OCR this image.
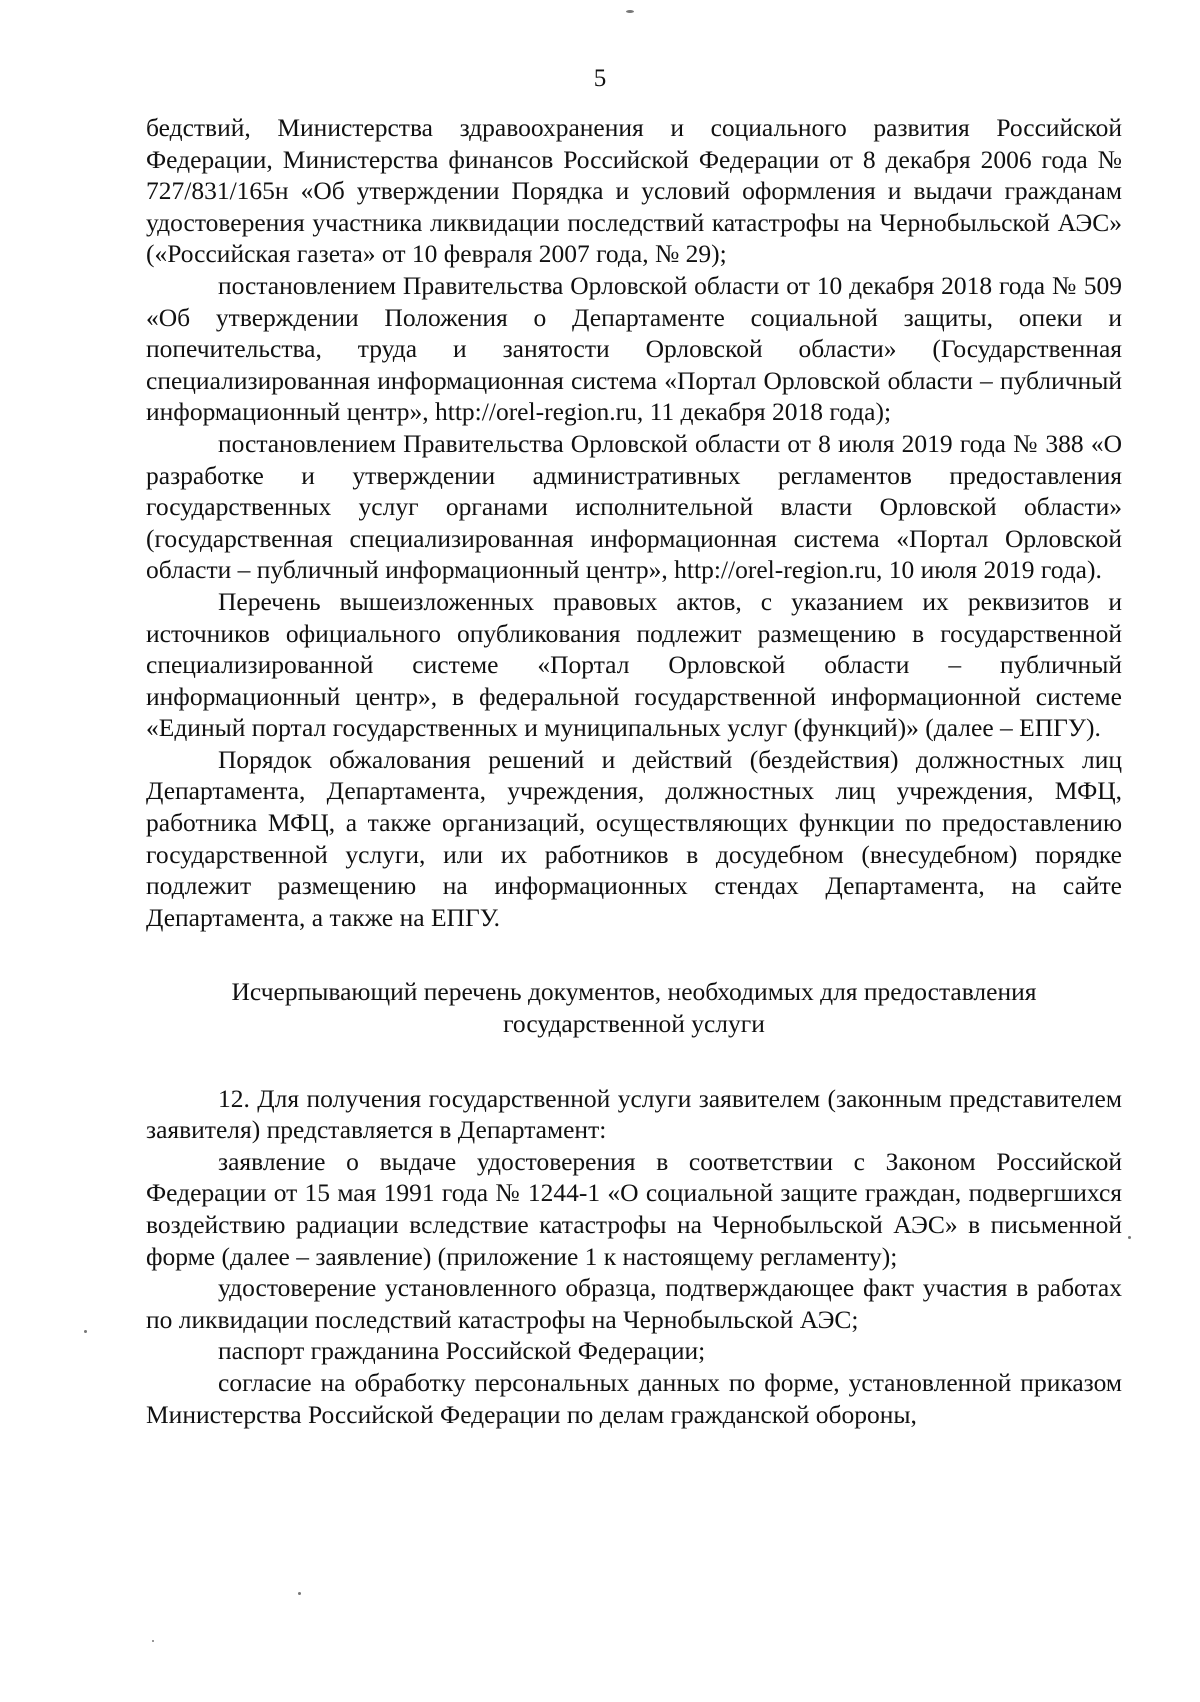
5

бедствий, Министерства здравоохранения и социального развития Российской Федерации, Министерства финансов Российской Федерации от 8 декабря 2006 года № 727/831/165н «Об утверждении Порядка и условий оформления и выдачи гражданам удостоверения участника ликвидации последствий катастрофы на Чернобыльской АЭС» («Российская газета» от 10 февраля 2007 года, № 29);

постановлением Правительства Орловской области от 10 декабря 2018 года № 509 «Об утверждении Положения о Департаменте социальной защиты, опеки и попечительства, труда и занятости Орловской области» (Государственная специализированная информационная система «Портал Орловской области – публичный информационный центр», http://orel-region.ru, 11 декабря 2018 года);

постановлением Правительства Орловской области от 8 июля 2019 года № 388 «О разработке и утверждении административных регламентов предоставления государственных услуг органами исполнительной власти Орловской области» (государственная специализированная информационная система «Портал Орловской области – публичный информационный центр», http://orel-region.ru, 10 июля 2019 года).

Перечень вышеизложенных правовых актов, с указанием их реквизитов и источников официального опубликования подлежит размещению в государственной специализированной системе «Портал Орловской области – публичный информационный центр», в федеральной государственной информационной системе «Единый портал государственных и муниципальных услуг (функций)» (далее – ЕПГУ).

Порядок обжалования решений и действий (бездействия) должностных лиц Департамента, Департамента, учреждения, должностных лиц учреждения, МФЦ, работника МФЦ, а также организаций, осуществляющих функции по предоставлению государственной услуги, или их работников в досудебном (внесудебном) порядке подлежит размещению на информационных стендах Департамента, на сайте Департамента, а также на ЕПГУ.

Исчерпывающий перечень документов, необходимых для предоставления
государственной услуги

12. Для получения государственной услуги заявителем (законным представителем заявителя) представляется в Департамент:

заявление о выдаче удостоверения в соответствии с Законом Российской Федерации от 15 мая 1991 года № 1244-1 «О социальной защите граждан, подвергшихся воздействию радиации вследствие катастрофы на Чернобыльской АЭС» в письменной форме (далее – заявление) (приложение 1 к настоящему регламенту);

удостоверение установленного образца, подтверждающее факт участия в работах по ликвидации последствий катастрофы на Чернобыльской АЭС;

паспорт гражданина Российской Федерации;

согласие на обработку персональных данных по форме, установленной приказом Министерства Российской Федерации по делам гражданской обороны,
